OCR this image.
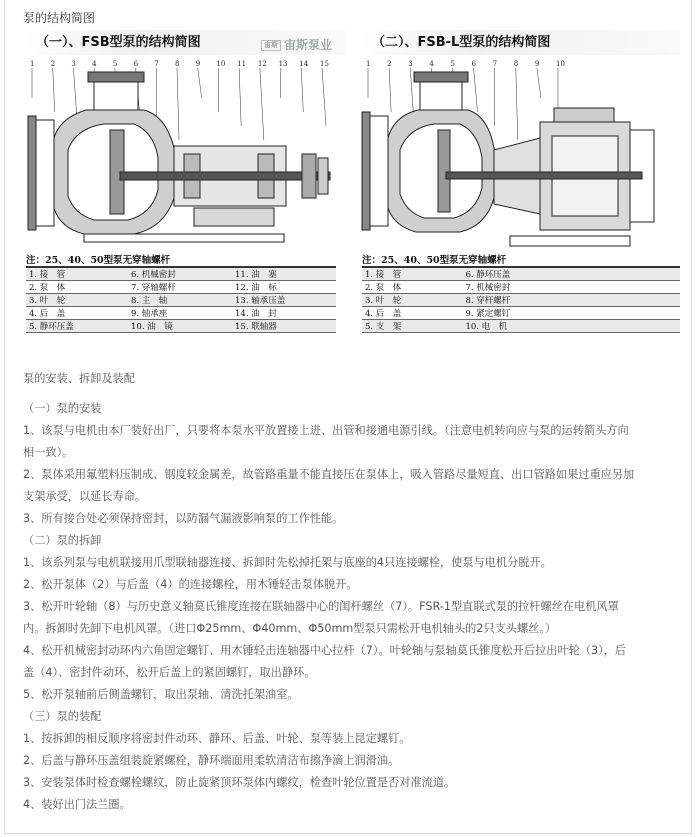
泵的结构简图
（一）、FSB型泵的结构简图	宙斯 宙斯泵业
1 2 3 4 5 6 7 8 9 10 11 12 13 14 15
注：25、40、50型泵无穿轴螺杆
1. 接　管	6. 机械密封	11. 油　塞
2. 泵　体	7. 穿轴螺杆	12. 油　标
3. 叶　轮	8. 主　轴	13. 轴承压盖
4. 后　盖	9. 轴承座	14. 油　封
5. 静环压盖	10. 油　镜	15. 联轴器
（二）、FSB-L型泵的结构简图
1 2 3 4 5 6 7 8 9 10
注：25、40、50型泵无穿轴螺杆
1. 接　管	6. 静环压盖
2. 泵　体	7. 机械密封
3. 叶　轮	8. 穿杆螺杆
4. 后　盖	9. 紧定螺钉
5. 支　架	10. 电　机
泵的安装、拆卸及装配
（一）泵的安装
1、该泵与电机由本厂装好出厂，只要将本泵水平放置接上进、出管和接通电源引线。（注意电机转向应与泵的运转箭头方向
相一致）。
2、泵体采用氟塑料压制成、钢度较金属差，故管路重量不能直接压在泵体上，吸入管路尽量短直、出口管路如果过重应另加
支架承受，以延长寿命。
3、所有接合处必须保持密封，以防漏气漏液影响泵的工作性能。
（二）泵的拆卸
1、该系列泵与电机联接用爪型联轴器连接、拆卸时先松掉托架与底座的4只连接螺栓，使泵与电机分脱开。
2、松开泵体（2）与后盖（4）的连接螺栓，用木锤轻击泵体脱开。
3、松开叶轮轴（8）与历史意义轴莫氏锥度连接在联轴器中心的闺杆螺丝（7）。FSR-1型直联式泵的拉杆螺丝在电机风罩
内。拆卸时先卸下电机风罩。（进口Φ25mm、Φ40mm、Φ50mm型泵只需松开电机轴头的2只支头螺丝。）
4、松开机械密封动环内六角固定螺钉、用木锤轻击连轴器中心拉杆（7）。叶轮轴与泵轴莫氏锥度松开后拉出叶轮（3），后
盖（4）、密封件动环，松开后盖上的紧固螺钉，取出静环。
5、松开泵轴前后侧盖螺钉，取出泵轴、清洗托架油室。
（三）泵的装配
1、按拆卸的相反顺序将密封件动环、静环、后盖、叶轮、泵等装上昆定螺钉。
2、后盖与静环压盖组装旋紧螺栓，静环端面用柔软清洁布擦净滴上润滑油。
3、安装泵体时检查螺栓螺纹，防止旋紧顶环泵体内螺纹，检查叶轮位置是否对准流道。
4、装好出门法兰圈。
